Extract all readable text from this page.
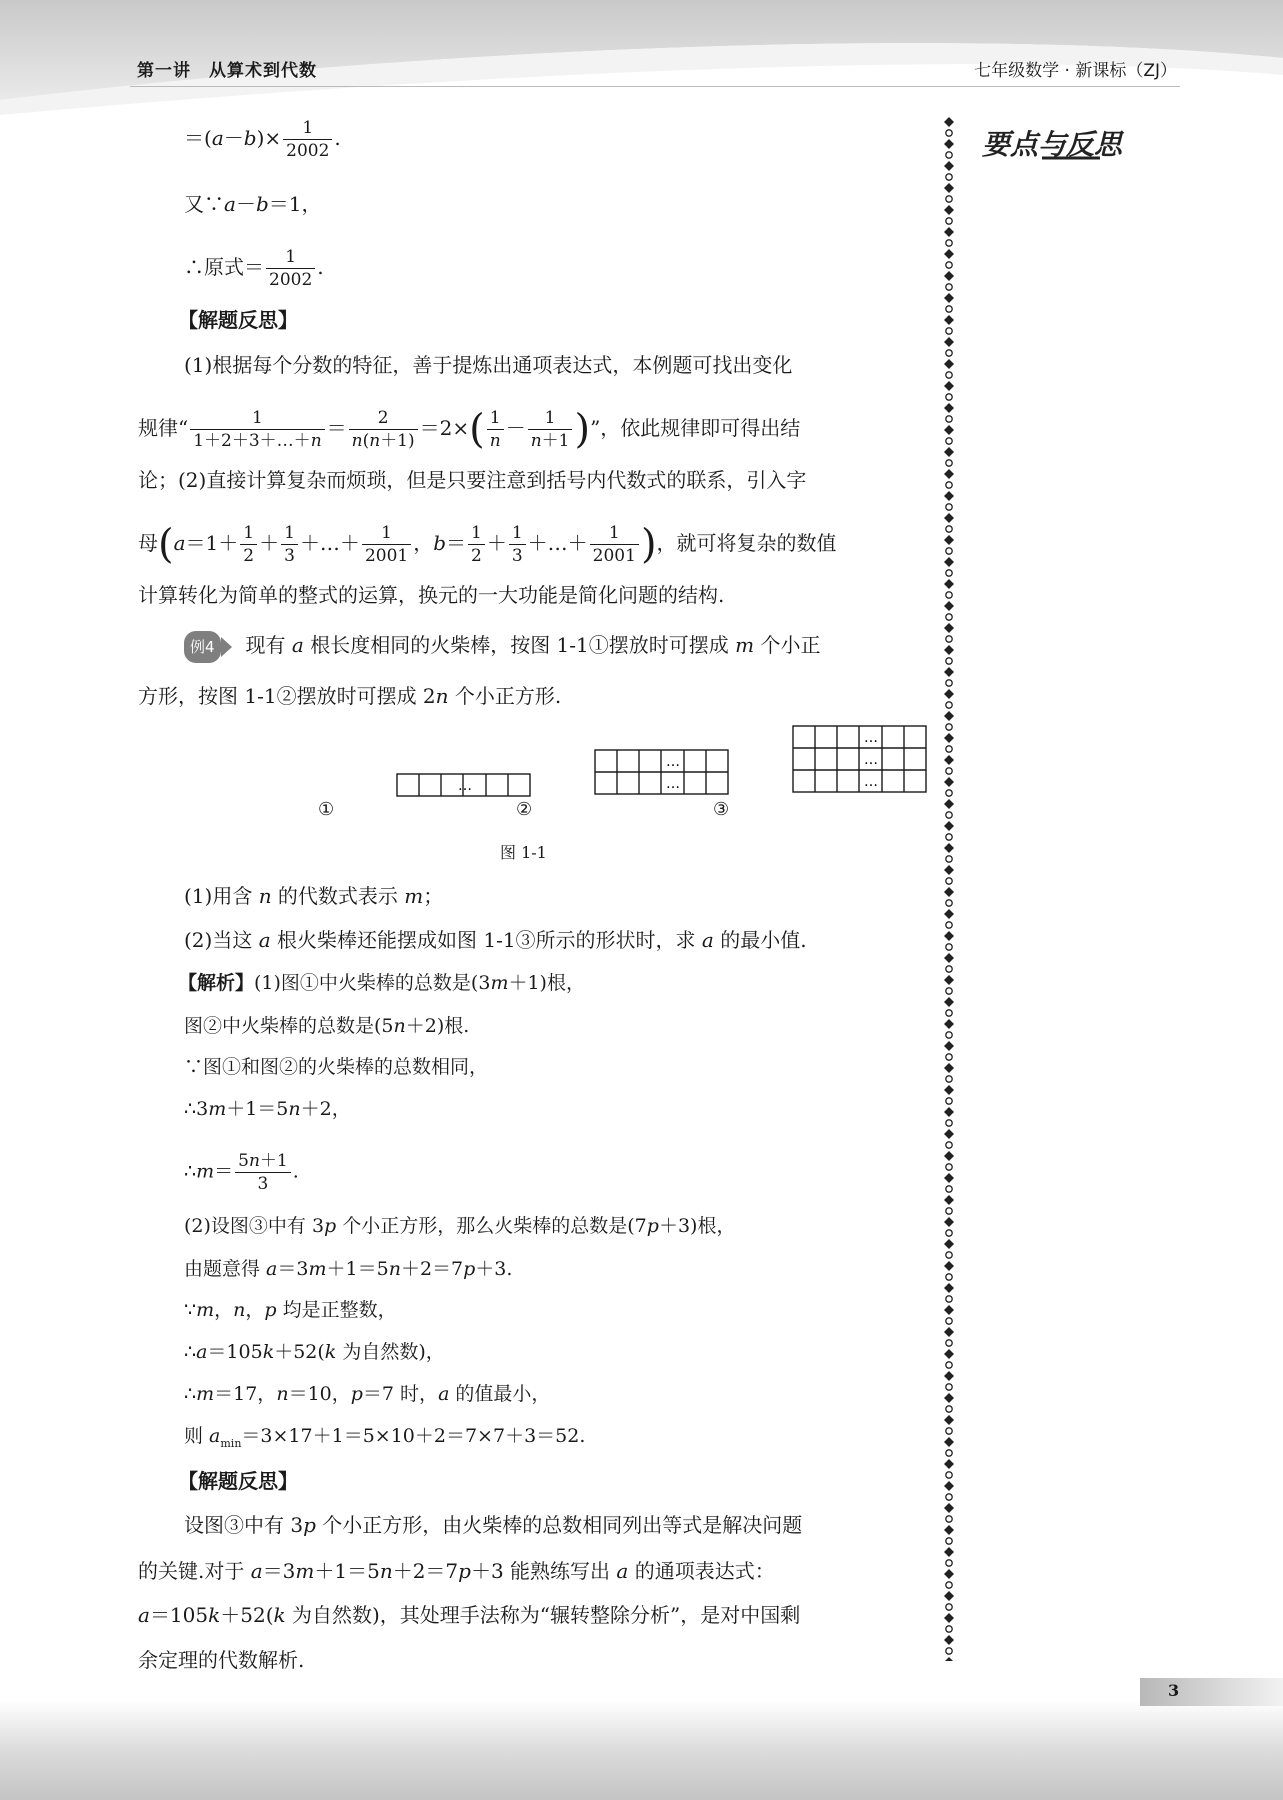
第一讲　从算术到代数	七年级数学 · 新课标（ZJ）
要点与反思
$=(a-b)\times \frac{1}{2002}$ .
又∵a－b＝1，
∴原式＝ $\frac{1}{2002}$ .
【解题反思】
(1)根据每个分数的特征，善于提炼出通项表达式，本例题可找出变化
规律“ $\frac{1}{1+2+3+\dots+n} = \frac{2}{n(n+1)} =2\times( \frac{1}{n} - \frac{1}{n+1}$ )”，依此规律即可得出结
论；(2)直接计算复杂而烦琐，但是只要注意到括号内代数式的联系，引入字
母($a=1+ \frac{1}{2} + \frac{1}{3}$ ＋…＋ $\frac{1}{2001}$ ，$b= \frac{1}{2} + \frac{1}{3}$ ＋…＋ $\frac{1}{2001}$ )，就可将复杂的数值
计算转化为简单的整式的运算，换元的一大功能是简化问题的结构.
例4 现有 a 根长度相同的火柴棒，按图 1-1①摆放时可摆成 m 个小正
方形，按图 1-1②摆放时可摆成 2n 个小正方形.
…
…
…
…
…
…
①	②	③
图 1-1
(1)用含 n 的代数式表示 m；
(2)当这 a 根火柴棒还能摆成如图 1-1③所示的形状时，求 a 的最小值.
【解析】(1)图①中火柴棒的总数是(3m＋1)根，
图②中火柴棒的总数是(5n＋2)根.
∵图①和图②的火柴棒的总数相同，
∴3m＋1＝5n＋2，
∴m＝ $\frac{5n+1}{3}$ .
(2)设图③中有 3p 个小正方形，那么火柴棒的总数是(7p＋3)根，
由题意得 a＝3m＋1＝5n＋2＝7p＋3.
∵m，n，p 均是正整数，
∴a＝105k＋52(k 为自然数)，
∴m＝17，n＝10，p＝7 时，a 的值最小，
则 $a_{min}=3\times 17+1=5\times 10+2=7\times 7+3=52$.
【解题反思】
设图③中有 3p 个小正方形，由火柴棒的总数相同列出等式是解决问题
的关键.对于 a＝3m＋1＝5n＋2＝7p＋3 能熟练写出 a 的通项表达式：
a＝105k＋52(k 为自然数)，其处理手法称为“辗转整除分析”，是对中国剩
余定理的代数解析.
3
